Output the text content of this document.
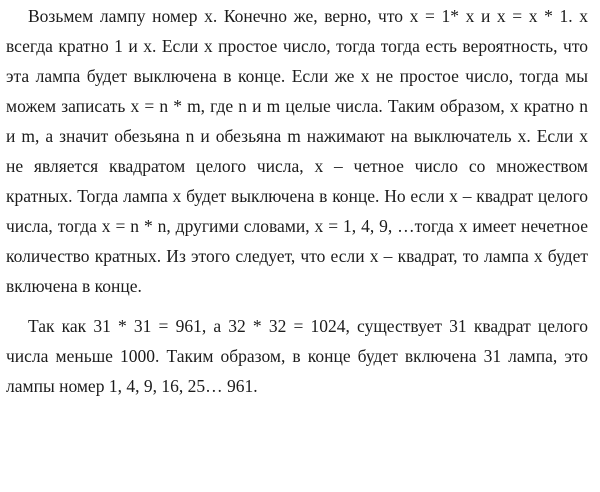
Возьмем лампу номер x. Конечно же, верно, что x = 1* x и x = x * 1. x
всегда кратно 1 и x. Если x простое число, тогда тогда есть вероятность, что
эта лампа будет выключена в конце. Если же x не простое число, тогда мы
можем записать x = n * m, где n и m целые числа. Таким образом, x кратно n
и m, а значит обезьяна n и обезьяна m нажимают на выключатель x. Если x
не является квадратом целого числа, x – четное число со множеством
кратных. Тогда лампа x будет выключена в конце. Но если x – квадрат целого
числа, тогда x = n * n, другими словами, x = 1, 4, 9, …тогда x имеет нечетное
количество кратных. Из этого следует, что если x – квадрат, то лампа x будет
включена в конце.
Так как 31 * 31 = 961, а 32 * 32 = 1024, существует 31 квадрат целого
числа меньше 1000. Таким образом, в конце будет включена 31 лампа, это
лампы номер 1, 4, 9, 16, 25… 961.
